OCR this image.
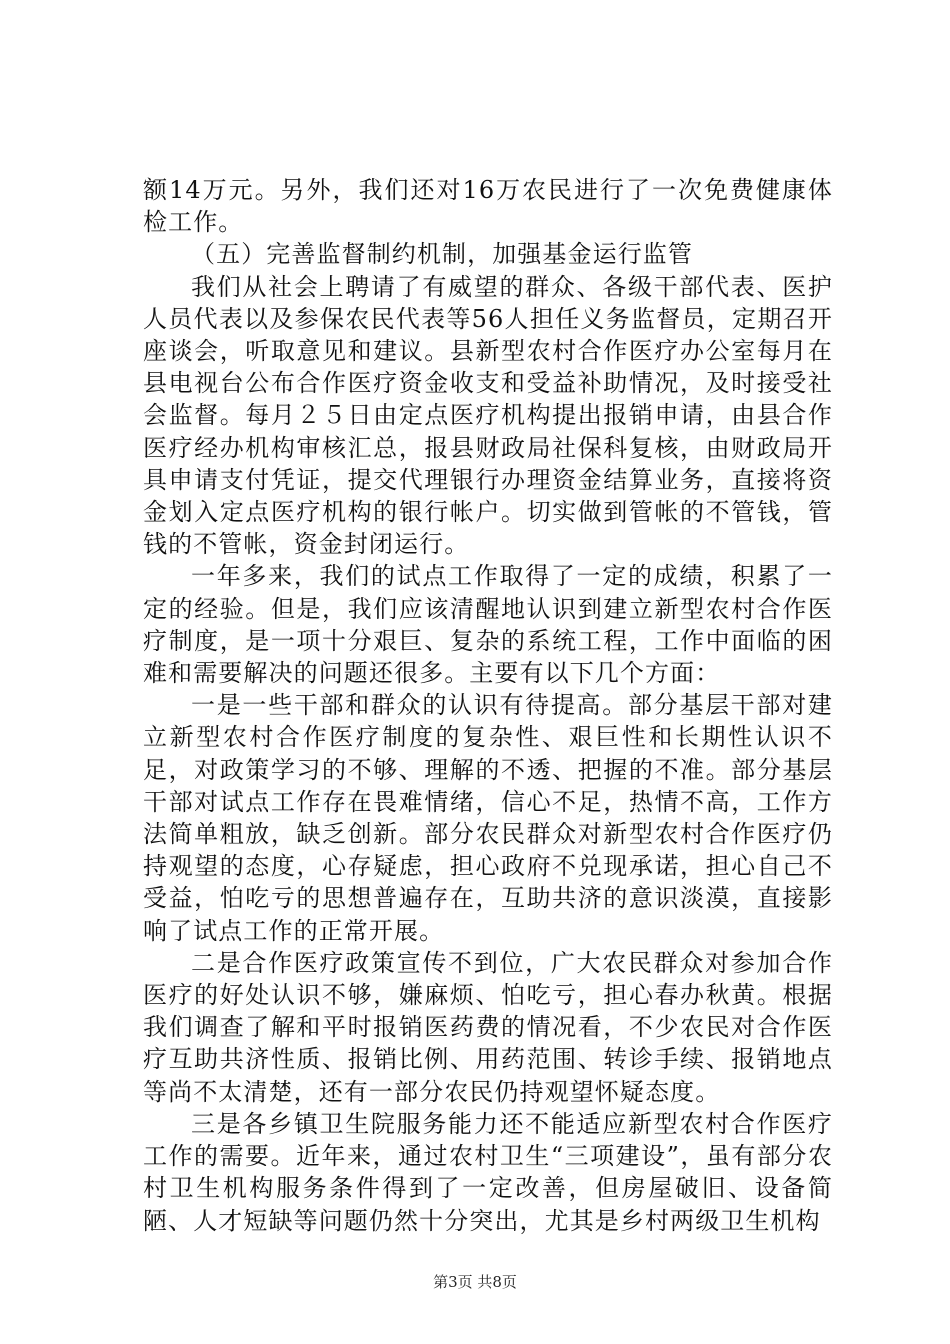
额14万元。另外，我们还对16万农民进行了一次免费健康体检工作。

（五）完善监督制约机制，加强基金运行监管

我们从社会上聘请了有威望的群众、各级干部代表、医护人员代表以及参保农民代表等56人担任义务监督员，定期召开座谈会，听取意见和建议。县新型农村合作医疗办公室每月在县电视台公布合作医疗资金收支和受益补助情况，及时接受社会监督。每月２５日由定点医疗机构提出报销申请，由县合作医疗经办机构审核汇总，报县财政局社保科复核，由财政局开具申请支付凭证，提交代理银行办理资金结算业务，直接将资金划入定点医疗机构的银行帐户。切实做到管帐的不管钱，管钱的不管帐，资金封闭运行。

一年多来，我们的试点工作取得了一定的成绩，积累了一定的经验。但是，我们应该清醒地认识到建立新型农村合作医疗制度，是一项十分艰巨、复杂的系统工程，工作中面临的困难和需要解决的问题还很多。主要有以下几个方面：

一是一些干部和群众的认识有待提高。部分基层干部对建立新型农村合作医疗制度的复杂性、艰巨性和长期性认识不足，对政策学习的不够、理解的不透、把握的不准。部分基层干部对试点工作存在畏难情绪，信心不足，热情不高，工作方法简单粗放，缺乏创新。部分农民群众对新型农村合作医疗仍持观望的态度，心存疑虑，担心政府不兑现承诺，担心自己不受益，怕吃亏的思想普遍存在，互助共济的意识淡漠，直接影响了试点工作的正常开展。

二是合作医疗政策宣传不到位，广大农民群众对参加合作医疗的好处认识不够，嫌麻烦、怕吃亏，担心春办秋黄。根据我们调查了解和平时报销医药费的情况看，不少农民对合作医疗互助共济性质、报销比例、用药范围、转诊手续、报销地点等尚不太清楚，还有一部分农民仍持观望怀疑态度。

三是各乡镇卫生院服务能力还不能适应新型农村合作医疗工作的需要。近年来，通过农村卫生“三项建设”，虽有部分农村卫生机构服务条件得到了一定改善，但房屋破旧、设备简陋、人才短缺等问题仍然十分突出，尤其是乡村两级卫生机构

第3页 共8页
